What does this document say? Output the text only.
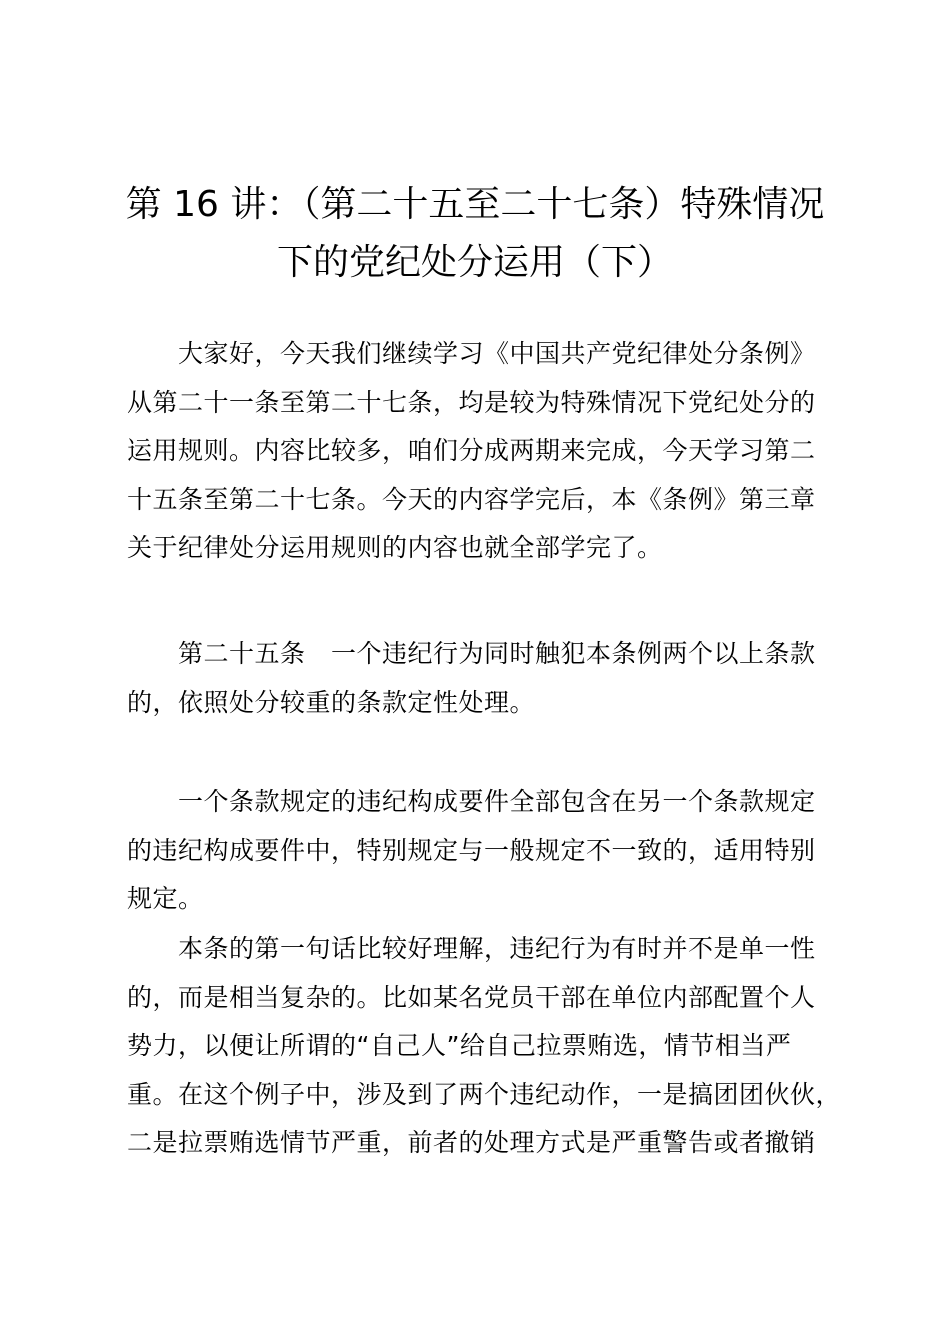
第 16 讲：（第二十五至二十七条）特殊情况
下的党纪处分运用（下）

　　大家好，今天我们继续学习《中国共产党纪律处分条例》
从第二十一条至第二十七条，均是较为特殊情况下党纪处分的
运用规则。内容比较多，咱们分成两期来完成，今天学习第二
十五条至第二十七条。今天的内容学完后，本《条例》第三章
关于纪律处分运用规则的内容也就全部学完了。

　　第二十五条　一个违纪行为同时触犯本条例两个以上条款
的，依照处分较重的条款定性处理。

　　一个条款规定的违纪构成要件全部包含在另一个条款规定
的违纪构成要件中，特别规定与一般规定不一致的，适用特别
规定。

　　本条的第一句话比较好理解，违纪行为有时并不是单一性
的，而是相当复杂的。比如某名党员干部在单位内部配置个人
势力，以便让所谓的“自己人”给自己拉票贿选，情节相当严
重。在这个例子中，涉及到了两个违纪动作，一是搞团团伙伙，
二是拉票贿选情节严重，前者的处理方式是严重警告或者撤销
